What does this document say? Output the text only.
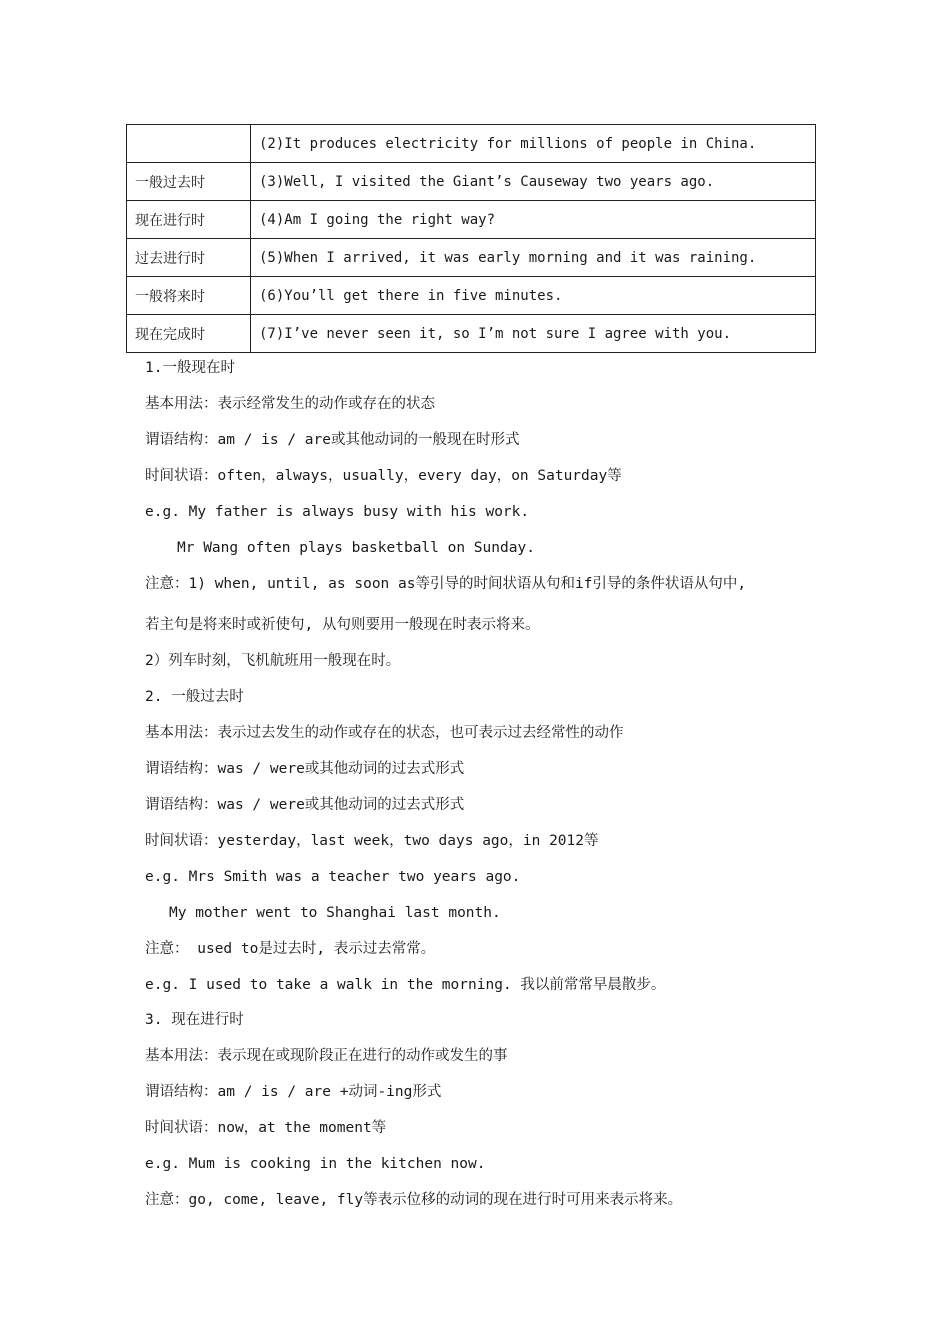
	(2)It produces electricity for millions of people in China.
一般过去时	(3)Well, I visited the Giant’s Causeway two years ago.
现在进行时	(4)Am I going the right way?
过去进行时	(5)When I arrived, it was early morning and it was raining.
一般将来时	(6)You’ll get there in five minutes.
现在完成时	(7)I’ve never seen it, so I’m not sure I agree with you.
1.一般现在时
基本用法：表示经常发生的动作或存在的状态
谓语结构：am / is / are或其他动词的一般现在时形式
时间状语：often，always，usually，every day，on Saturday等
e.g. My father is always busy with his work.
Mr Wang often plays basketball on Sunday.
注意：1) when, until, as soon as等引导的时间状语从句和if引导的条件状语从句中,
若主句是将来时或祈使句, 从句则要用一般现在时表示将来。
2）列车时刻，飞机航班用一般现在时。
2. 一般过去时
基本用法：表示过去发生的动作或存在的状态，也可表示过去经常性的动作
谓语结构：was / were或其他动词的过去式形式
谓语结构：was / were或其他动词的过去式形式
时间状语：yesterday，last week，two days ago，in 2012等
e.g. Mrs Smith was a teacher two years ago.
My mother went to Shanghai last month.
注意： used to是过去时, 表示过去常常。
e.g. I used to take a walk in the morning. 我以前常常早晨散步。
3. 现在进行时
基本用法：表示现在或现阶段正在进行的动作或发生的事
谓语结构：am / is / are +动词-ing形式
时间状语：now，at the moment等
e.g. Mum is cooking in the kitchen now.
注意：go, come, leave, fly等表示位移的动词的现在进行时可用来表示将来。
